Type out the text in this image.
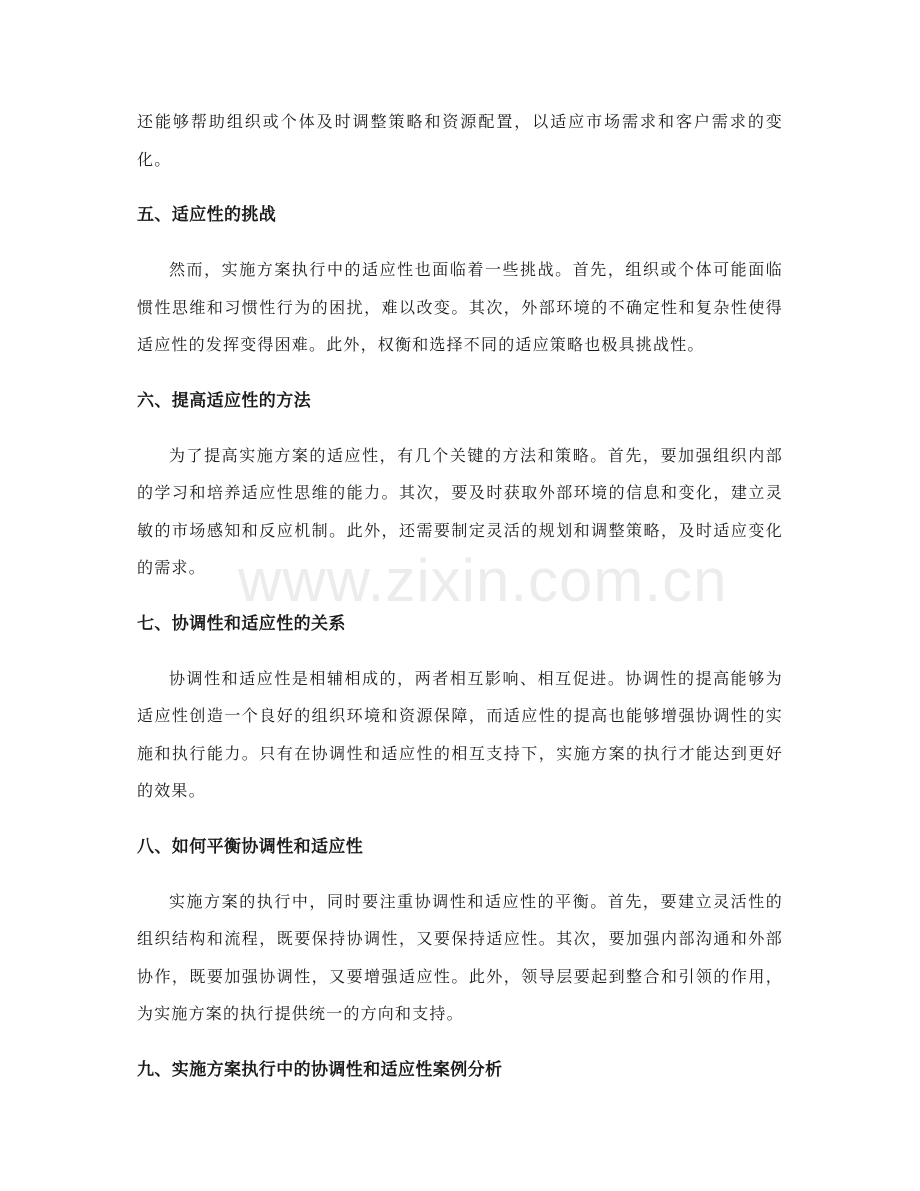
www.zixin.com.cn

还能够帮助组织或个体及时调整策略和资源配置，以适应市场需求和客户需求的变化。

五、适应性的挑战

然而，实施方案执行中的适应性也面临着一些挑战。首先，组织或个体可能面临惯性思维和习惯性行为的困扰，难以改变。其次，外部环境的不确定性和复杂性使得适应性的发挥变得困难。此外，权衡和选择不同的适应策略也极具挑战性。

六、提高适应性的方法

为了提高实施方案的适应性，有几个关键的方法和策略。首先，要加强组织内部的学习和培养适应性思维的能力。其次，要及时获取外部环境的信息和变化，建立灵敏的市场感知和反应机制。此外，还需要制定灵活的规划和调整策略，及时适应变化的需求。

七、协调性和适应性的关系

协调性和适应性是相辅相成的，两者相互影响、相互促进。协调性的提高能够为适应性创造一个良好的组织环境和资源保障，而适应性的提高也能够增强协调性的实施和执行能力。只有在协调性和适应性的相互支持下，实施方案的执行才能达到更好的效果。

八、如何平衡协调性和适应性

实施方案的执行中，同时要注重协调性和适应性的平衡。首先，要建立灵活性的组织结构和流程，既要保持协调性，又要保持适应性。其次，要加强内部沟通和外部协作，既要加强协调性，又要增强适应性。此外，领导层要起到整合和引领的作用，为实施方案的执行提供统一的方向和支持。

九、实施方案执行中的协调性和适应性案例分析
